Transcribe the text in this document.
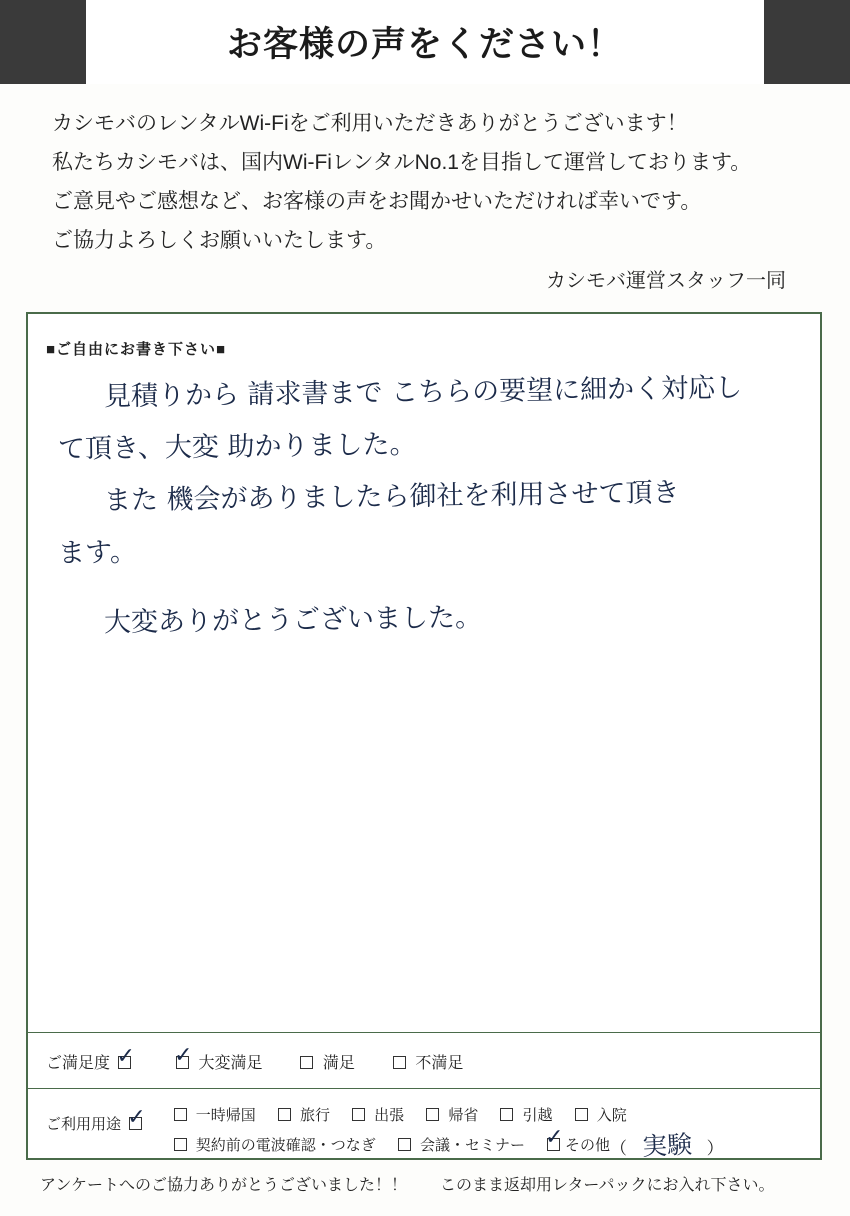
お客様の声をください！
カシモバのレンタルWi-Fiをご利用いただきありがとうございます！
私たちカシモバは、国内Wi-FiレンタルNo.1を目指して運営しております。
ご意見やご感想など、お客様の声をお聞かせいただければ幸いです。
ご協力よろしくお願いいたします。
カシモバ運営スタッフ一同
■ご自由にお書き下さい■
見積りから 請求書まで こちらの要望に細かく対応し
て頂き、大変 助かりました。
また 機会がありましたら御社を利用させて頂き
ます。
大変ありがとうございました。
ご満足度 ✓ ✓	大変満足	満足	不満足
ご利用用途 ✓
一時帰国	旅行	出張	帰省	引越	入院
契約前の電波確認・つなぎ	会議・セミナー ✓	その他 （ 実験 ）
アンケートへのご協力ありがとうございました！！ このまま返却用レターパックにお入れ下さい。
